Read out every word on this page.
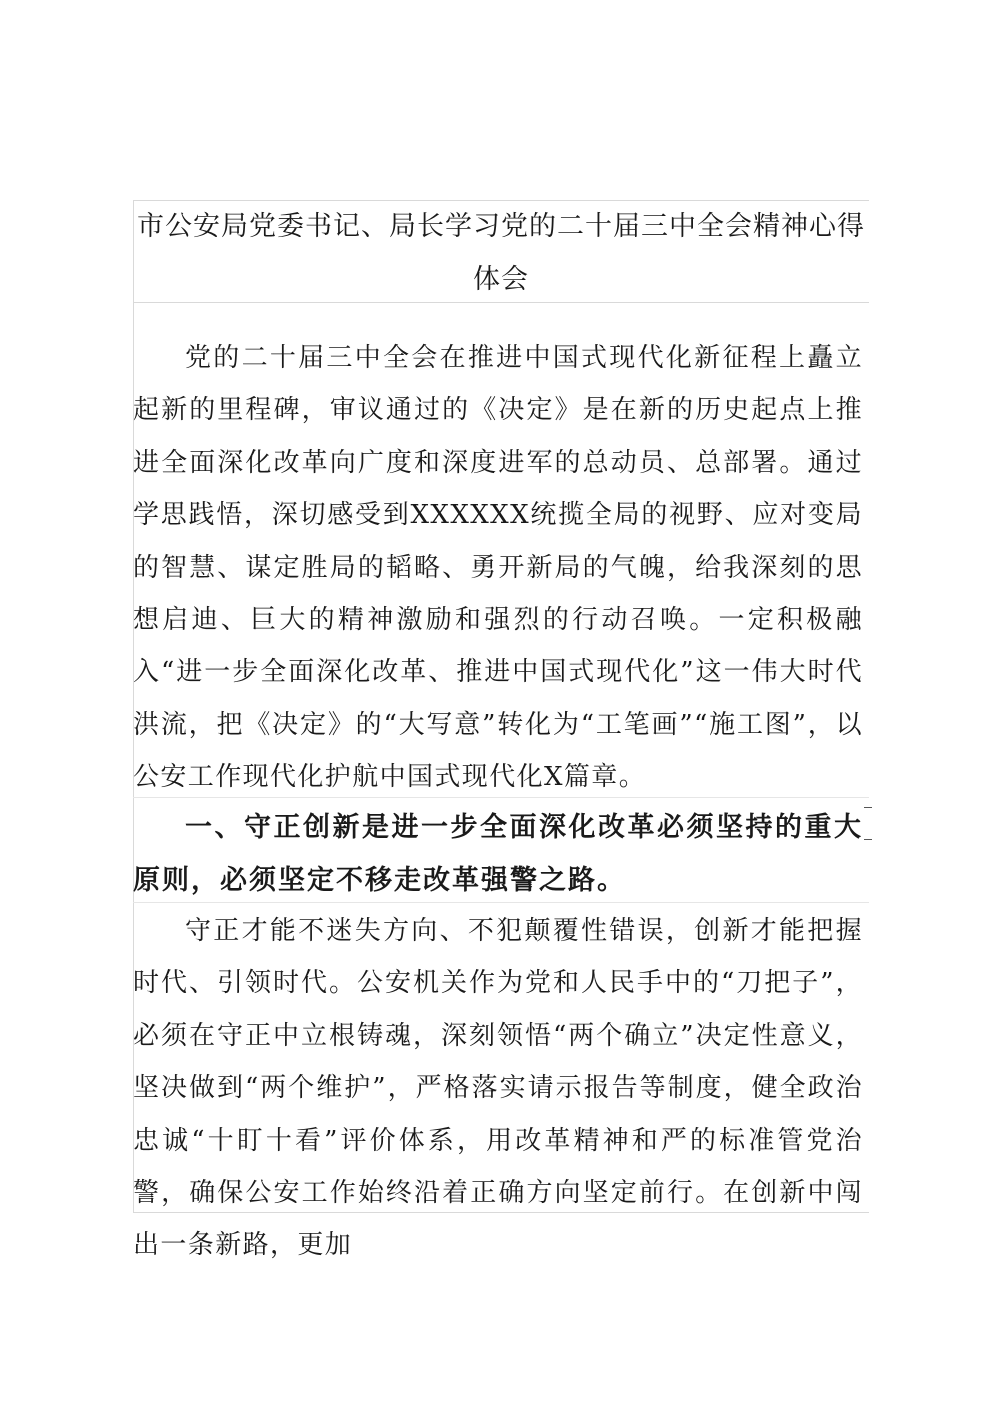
市公安局党委书记、局长学习党的二十届三中全会精神心得体会

党的二十届三中全会在推进中国式现代化新征程上矗立起新的里程碑，审议通过的《决定》是在新的历史起点上推进全面深化改革向广度和深度进军的总动员、总部署。通过学思践悟，深切感受到XXXXXX统揽全局的视野、应对变局的智慧、谋定胜局的韬略、勇开新局的气魄，给我深刻的思想启迪、巨大的精神激励和强烈的行动召唤。一定积极融入“进一步全面深化改革、推进中国式现代化”这一伟大时代洪流，把《决定》的“大写意”转化为“工笔画”“施工图”，以公安工作现代化护航中国式现代化X篇章。

一、守正创新是进一步全面深化改革必须坚持的重大原则，必须坚定不移走改革强警之路。

守正才能不迷失方向、不犯颠覆性错误，创新才能把握时代、引领时代。公安机关作为党和人民手中的“刀把子”，必须在守正中立根铸魂，深刻领悟“两个确立”决定性意义，坚决做到“两个维护”，严格落实请示报告等制度，健全政治忠诚“十盯十看”评价体系，用改革精神和严的标准管党治警，确保公安工作始终沿着正确方向坚定前行。在创新中闯出一条新路，更加
